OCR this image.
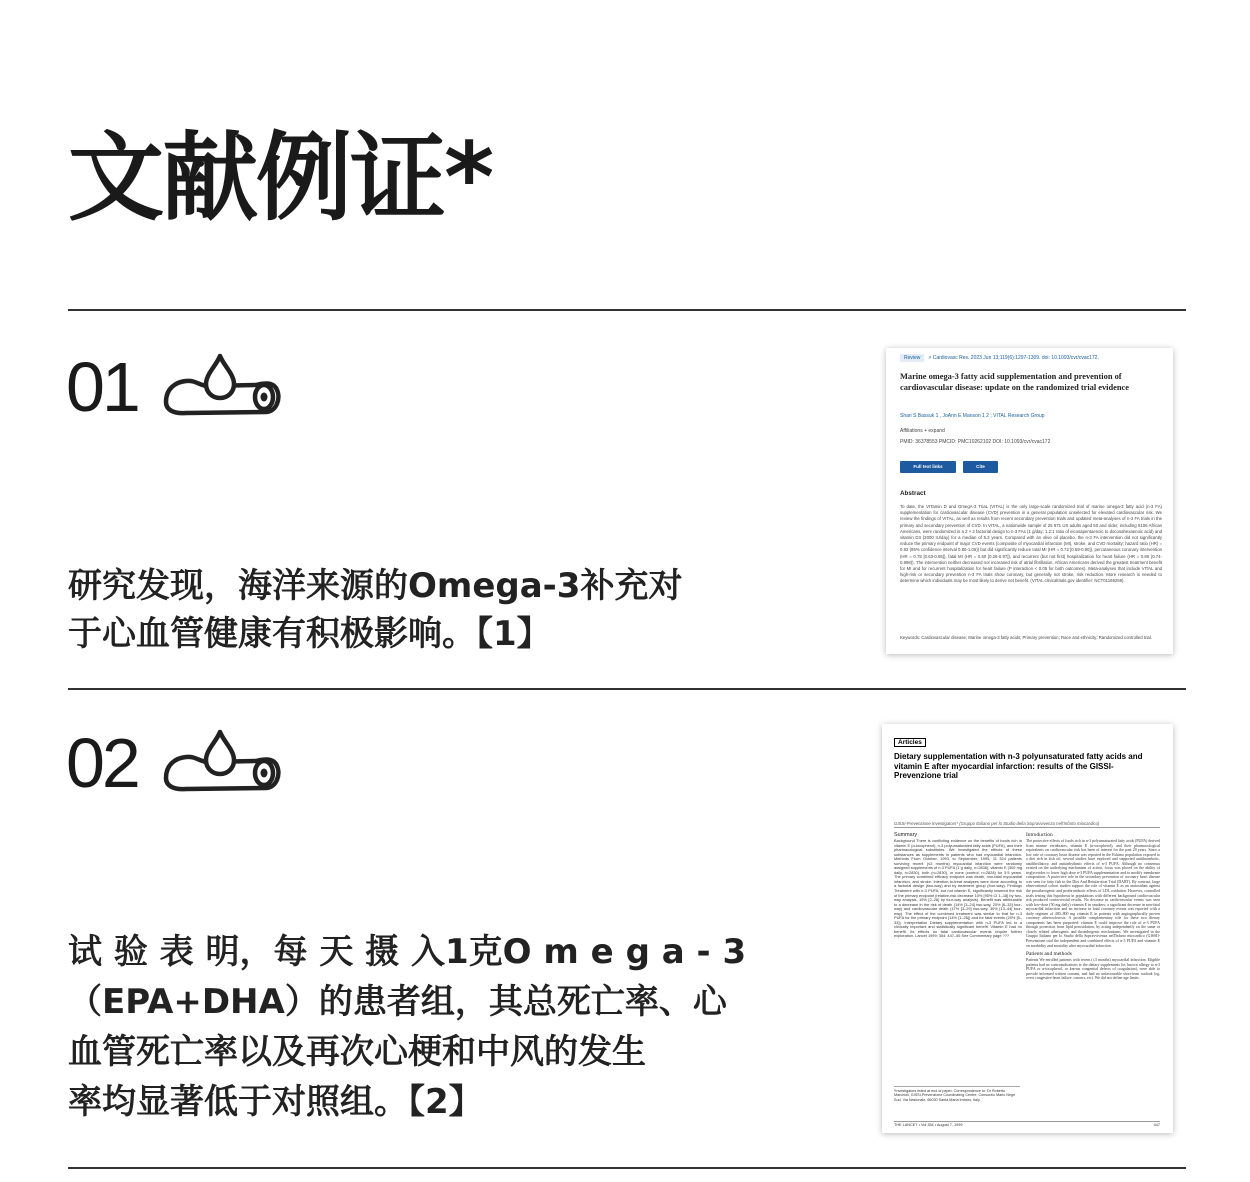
文献例证*
01
研究发现，海洋来源的Omega-3补充对
于心血管健康有积极影响。【1】
Review > Cardiovasc Res. 2023 Jun 13;119(6):1297-1309. doi: 10.1093/cvr/cvac172.
Marine omega-3 fatty acid supplementation and prevention of cardiovascular disease: update on the randomized trial evidence
Shari S Bassuk 1 , JoAnn E Manson 1 2 ; VITAL Research Group
Affiliations + expand
PMID: 36378553 PMCID: PMC10262102 DOI: 10.1093/cvr/cvac172
Full text links	Cite
Abstract
To date, the VITamin D and OmegA-3 TriaL (VITAL) is the only large-scale randomized trial of marine omega-3 fatty acid (n-3 FA) supplementation for cardiovascular disease (CVD) prevention in a general population unselected for elevated cardiovascular risk. We review the findings of VITAL, as well as results from recent secondary prevention trials and updated meta-analyses of n-3 FA trials in the primary and secondary prevention of CVD. In VITAL, a nationwide sample of 25 871 US adults aged 50 and older, including 5106 African Americans, were randomized in a 2 × 2 factorial design to n-3 FAs (1 g/day; 1.2:1 ratio of eicosapentaenoic to docosahexaenoic acid) and vitamin D3 (2000 IU/day) for a median of 5.3 years. Compared with an olive oil placebo, the n-3 FA intervention did not significantly reduce the primary endpoint of major CVD events (composite of myocardial infarction (MI), stroke, and CVD mortality; hazard ratio (HR) = 0.92 (95% confidence interval 0.80-1.06)) but did significantly reduce total MI (HR = 0.72 [0.59-0.90]), percutaneous coronary intervention (HR = 0.78 [0.63-0.95]), fatal MI (HR = 0.50 [0.26-0.97]), and recurrent (but not first) hospitalization for heart failure (HR = 0.86 (0.74-0.998)). The intervention neither decreased nor increased risk of atrial fibrillation. African Americans derived the greatest treatment benefit for MI and for recurrent hospitalization for heart failure (P interaction < 0.05 for both outcomes). Meta-analyses that include VITAL and high-risk or secondary prevention n-3 FA trials show coronary, but generally not stroke, risk reduction. More research is needed to determine which individuals may be most likely to derive net benefit. (VITAL clinicaltrials.gov identifier: NCT01169259).
Keywords: Cardiovascular disease; Marine omega-3 fatty acids; Primary prevention; Race and ethnicity; Randomized controlled trial.
02
试 验 表 明，每 天 摄 入1克O m e g a - 3
（EPA+DHA）的患者组，其总死亡率、心
血管死亡率以及再次心梗和中风的发生
率均显著低于对照组。【2】
Articles
Dietary supplementation with n-3 polyunsaturated fatty acids and vitamin E after myocardial infarction: results of the GISSI-Prevenzione trial
GISSI-Prevenzione Investigators* (Gruppo Italiano per lo Studio della Sopravvivenza nell'Infarto miocardico)
Summary
Background There is conflicting evidence on the benefits of foods rich in vitamin E (α-tocopherol), n-3 polyunsaturated fatty acids (PUFA), and their pharmacological substitutes. We investigated the effects of these substances as supplements in patients who had myocardial infarction. Methods From October, 1993, to September, 1995, 11 324 patients surviving recent (≤3 months) myocardial infarction were randomly assigned supplements of n-3 PUFA (1 g daily, n=2836), vitamin E (300 mg daily, n=2830), both (n=2830), or none (control, n=2828) for 3·5 years. The primary combined efficacy endpoint was death, non-fatal myocardial infarction, and stroke. Intention-to-treat analyses were done according to a factorial design (two-way) and by treatment group (four-way). Findings Treatment with n-3 PUFA, but not vitamin E, significantly lowered the risk of the primary endpoint (relative-risk decrease 10% [95% CI 1–18] by two-way analysis, 15% [2–26] by four-way analysis). Benefit was attributable to a decrease in the risk of death (14% [3–24] two-way, 20% [6–33] four-way) and cardiovascular death (17% [3–29] two-way, 30% [13–44] four-way). The effect of the combined treatment was similar to that for n-3 PUFA for the primary endpoint (14% [1–26]) and for fatal events (20% [5–33]). Interpretation Dietary supplementation with n-3 PUFA led to a clinically important and statistically significant benefit. Vitamin E had no benefit. Its effects on fatal cardiovascular events require further exploration. Lancet 1999; 354: 447–55 See Commentary page ???
Introduction
The protective effects of foods rich in n-3 polyunsaturated fatty acids (PUFA) derived from marine vertebrates, vitamin E (α-tocopherol), and their pharmacological equivalents on cardiovascular risk has been of interest for the past 20 years. Since a low rate of coronary heart disease was reported in the Eskimo population exposed to a diet rich in fish oil, several studies have explored and supported antithrombotic, antifibrillatory, and antiarrhythmic effects of n-3 PUFA. Although no consensus existed on the underlying mechanism of action, focus was placed on the ability of triglycerides to lower high dose n-3 PUFA supplementation and to modify membrane composition. A protective role in the secondary prevention of coronary heart disease was seen for fatty fish in the Diet And Reinfarction Trial (DART). By contrast, large observational cohort studies support the role of vitamin E as an antioxidant against the proatherogenic and prothrombotic effects of LDL oxidation. However, controlled trials testing this hypothesis in populations with different background cardiovascular risk produced controversial results. No decrease in cardiovascular events was seen with low-dose (50 mg daily) vitamin E in smokers; a significant decrease in non-fatal myocardial infarction and an increase in fatal coronary events was reported with a daily regimen of 400–800 mg vitamin E in patients with angiographically proven coronary atherosclerosis. A possible complementary role for these two dietary components has been purported: vitamin E could improve the role of n-3 PUFA through protection from lipid peroxidation, by acting independently on the same or closely related atherogenic and thrombogenic mechanisms. We investigated in the Gruppo Italiano per lo Studio della Sopravvivenza nell'Infarto miocardico (GISSI)-Prevenzione trial the independent and combined effects of n-3 PUFA and vitamin E on morbidity and mortality after myocardial infarction.
Patients and methods
Patients We enrolled patients with recent (≤3 months) myocardial infarction. Eligible patients had no contraindications to the dietary supplements (ie, known allergy to n-3 PUFA or α-tocopherol, or known congenital defects of coagulation), were able to provide informed written consent, and had no unfavourable short-term outlook (eg, overt congestive heart failure, cancers, etc). We did not define age limits.
*Investigators listed at end of paper. Correspondence to: Dr Roberto Marchioli, GISSI-Prevenzione Coordinating Centre, Consorzio Mario Negri Sud, Via Nazionale, 66030 Santa Maria Imbaro, Italy
THE LANCET • Vol 354 • August 7, 1999	447
